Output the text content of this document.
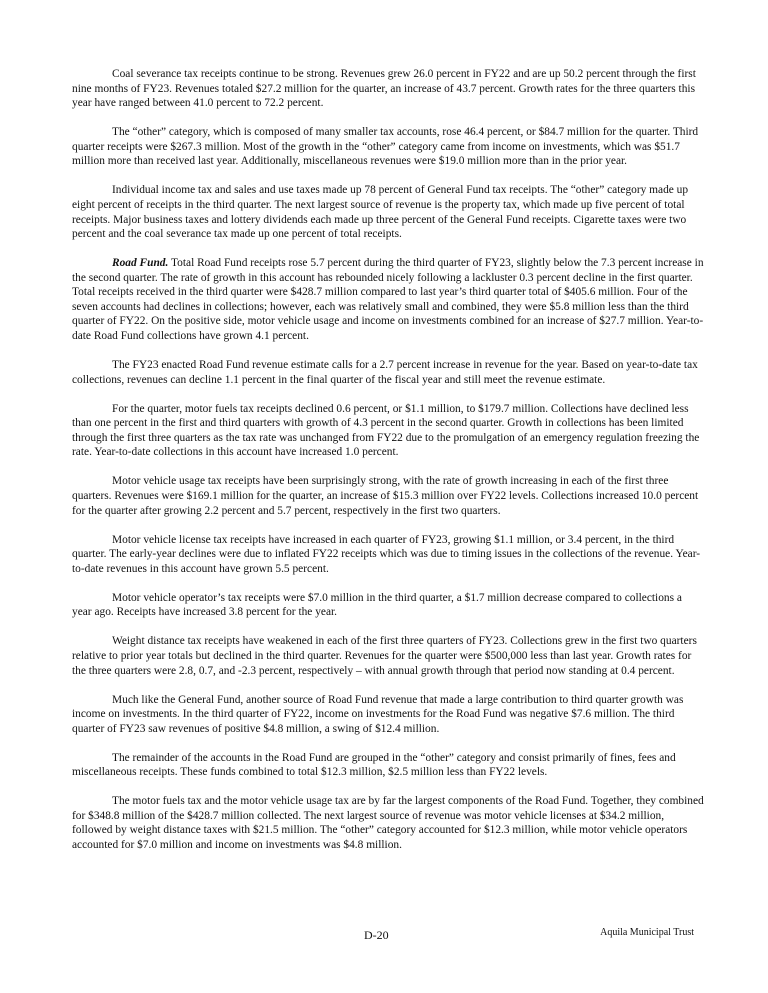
Coal severance tax receipts continue to be strong. Revenues grew 26.0 percent in FY22 and are up 50.2 percent through the first nine months of FY23. Revenues totaled $27.2 million for the quarter, an increase of 43.7 percent. Growth rates for the three quarters this year have ranged between 41.0 percent to 72.2 percent.

The “other” category, which is composed of many smaller tax accounts, rose 46.4 percent, or $84.7 million for the quarter. Third quarter receipts were $267.3 million. Most of the growth in the “other” category came from income on investments, which was $51.7 million more than received last year. Additionally, miscellaneous revenues were $19.0 million more than in the prior year.

Individual income tax and sales and use taxes made up 78 percent of General Fund tax receipts. The “other” category made up eight percent of receipts in the third quarter. The next largest source of revenue is the property tax, which made up five percent of total receipts. Major business taxes and lottery dividends each made up three percent of the General Fund receipts. Cigarette taxes were two percent and the coal severance tax made up one percent of total receipts.

Road Fund. Total Road Fund receipts rose 5.7 percent during the third quarter of FY23, slightly below the 7.3 percent increase in the second quarter. The rate of growth in this account has rebounded nicely following a lackluster 0.3 percent decline in the first quarter. Total receipts received in the third quarter were $428.7 million compared to last year’s third quarter total of $405.6 million. Four of the seven accounts had declines in collections; however, each was relatively small and combined, they were $5.8 million less than the third quarter of FY22. On the positive side, motor vehicle usage and income on investments combined for an increase of $27.7 million. Year-to-date Road Fund collections have grown 4.1 percent.

The FY23 enacted Road Fund revenue estimate calls for a 2.7 percent increase in revenue for the year. Based on year-to-date tax collections, revenues can decline 1.1 percent in the final quarter of the fiscal year and still meet the revenue estimate.

For the quarter, motor fuels tax receipts declined 0.6 percent, or $1.1 million, to $179.7 million. Collections have declined less than one percent in the first and third quarters with growth of 4.3 percent in the second quarter. Growth in collections has been limited through the first three quarters as the tax rate was unchanged from FY22 due to the promulgation of an emergency regulation freezing the rate. Year-to-date collections in this account have increased 1.0 percent.

Motor vehicle usage tax receipts have been surprisingly strong, with the rate of growth increasing in each of the first three quarters. Revenues were $169.1 million for the quarter, an increase of $15.3 million over FY22 levels. Collections increased 10.0 percent for the quarter after growing 2.2 percent and 5.7 percent, respectively in the first two quarters.

Motor vehicle license tax receipts have increased in each quarter of FY23, growing $1.1 million, or 3.4 percent, in the third quarter. The early-year declines were due to inflated FY22 receipts which was due to timing issues in the collections of the revenue. Year-to-date revenues in this account have grown 5.5 percent.

Motor vehicle operator’s tax receipts were $7.0 million in the third quarter, a $1.7 million decrease compared to collections a year ago. Receipts have increased 3.8 percent for the year.

Weight distance tax receipts have weakened in each of the first three quarters of FY23. Collections grew in the first two quarters relative to prior year totals but declined in the third quarter. Revenues for the quarter were $500,000 less than last year. Growth rates for the three quarters were 2.8, 0.7, and -2.3 percent, respectively – with annual growth through that period now standing at 0.4 percent.

Much like the General Fund, another source of Road Fund revenue that made a large contribution to third quarter growth was income on investments. In the third quarter of FY22, income on investments for the Road Fund was negative $7.6 million. The third quarter of FY23 saw revenues of positive $4.8 million, a swing of $12.4 million.

The remainder of the accounts in the Road Fund are grouped in the “other” category and consist primarily of fines, fees and miscellaneous receipts. These funds combined to total $12.3 million, $2.5 million less than FY22 levels.

The motor fuels tax and the motor vehicle usage tax are by far the largest components of the Road Fund. Together, they combined for $348.8 million of the $428.7 million collected. The next largest source of revenue was motor vehicle licenses at $34.2 million, followed by weight distance taxes with $21.5 million. The “other” category accounted for $12.3 million, while motor vehicle operators accounted for $7.0 million and income on investments was $4.8 million.

D-20	Aquila Municipal Trust
